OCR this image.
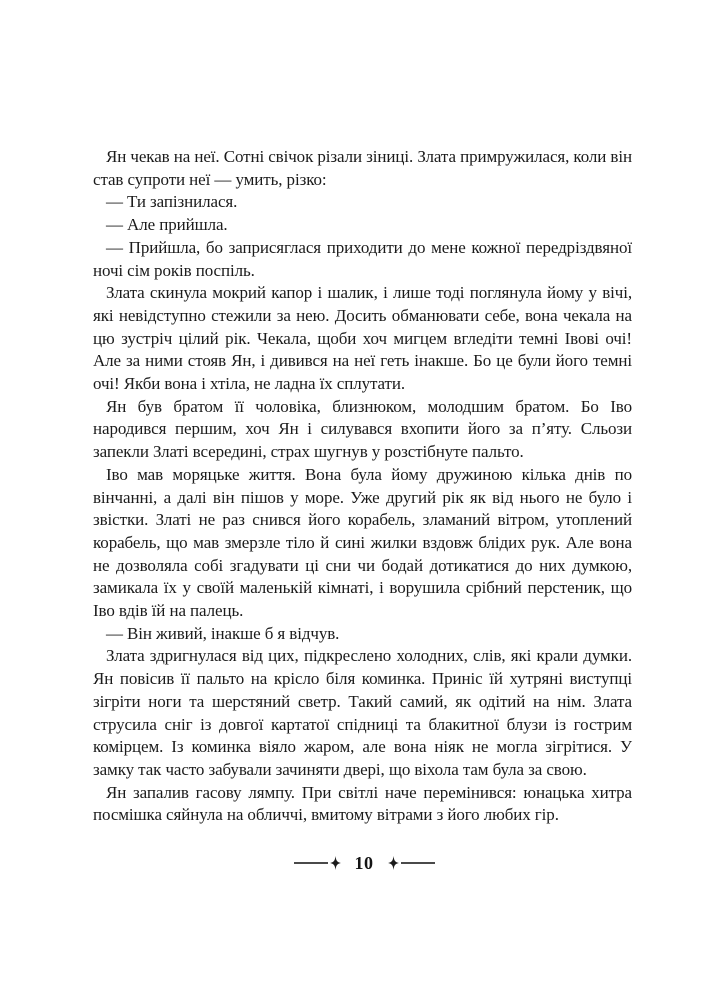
Ян чекав на неї. Сотні свічок різали зіниці. Злата примружилася, коли він став супроти неї — умить, різко:

— Ти запізнилася.

— Але прийшла.

— Прийшла, бо заприсяглася приходити до мене кожної передріздвяної ночі сім років поспіль.

Злата скинула мокрий капор і шалик, і лише тоді поглянула йому у вічі, які невідступно стежили за нею. Досить обманювати себе, вона чекала на цю зустріч цілий рік. Чекала, щоби хоч мигцем вгледіти темні Івові очі! Але за ними стояв Ян, і дивився на неї геть інакше. Бо це були його темні очі! Якби вона і хтіла, не ладна їх сплутати.

Ян був братом її чоловіка, близнюком, молодшим братом. Бо Іво народився першим, хоч Ян і силувався вхопити його за п’яту. Сльози запекли Златі всередині, страх шугнув у розстібнуте пальто.

Іво мав моряцьке життя. Вона була йому дружиною кілька днів по вінчанні, а далі він пішов у море. Уже другий рік як від нього не було і звістки. Златі не раз снився його корабель, зламаний вітром, утоплений корабель, що мав змерзле тіло й сині жилки вздовж блідих рук. Але вона не дозволяла собі згадувати ці сни чи бодай дотикатися до них думкою, замикала їх у своїй маленькій кімнаті, і ворушила срібний перстеник, що Іво вдів їй на палець.

— Він живий, інакше б я відчув.

Злата здригнулася від цих, підкреслено холодних, слів, які крали думки. Ян повісив її пальто на крісло біля коминка. Приніс їй хутряні виступці зігріти ноги та шерстяний светр. Такий самий, як одітий на нім. Злата струсила сніг із довгої картатої спідниці та блакитної блузи із гострим комірцем. Із коминка віяло жаром, але вона ніяк не могла зігрітися. У замку так часто забували зачиняти двері, що віхола там була за свою.

Ян запалив гасову лямпу. При світлі наче перемінився: юнацька хитра посмішка сяйнула на обличчі, вмитому вітрами з його любих гір.

10
